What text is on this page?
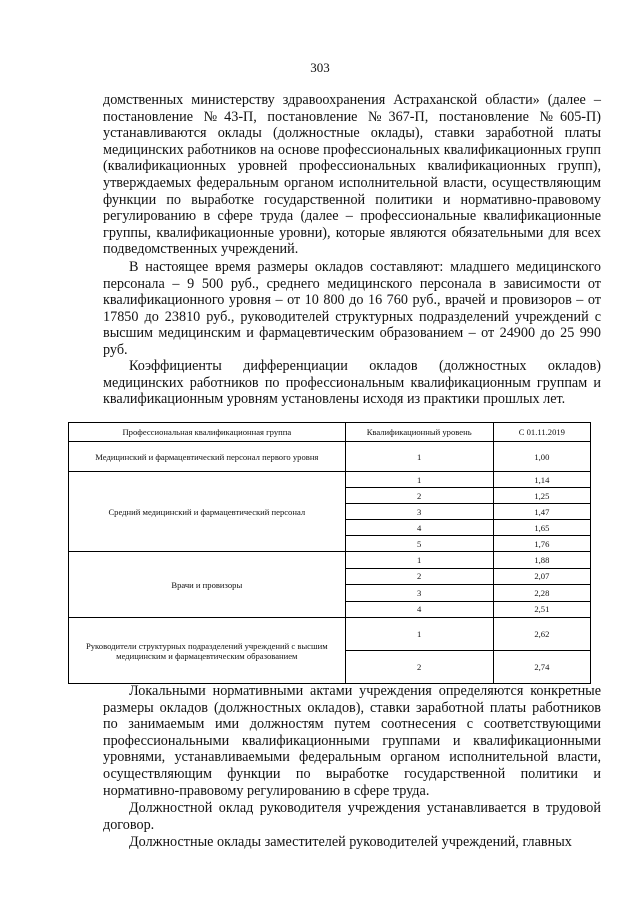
303

домственных министерству здравоохранения Астраханской области» (далее – постановление №43-П, постановление №367-П, постановление №605-П) устанавливаются оклады (должностные оклады), ставки заработной платы медицинских работников на основе профессиональных квалификационных групп (квалификационных уровней профессиональных квалификационных групп), утверждаемых федеральным органом исполнительной власти, осуществляющим функции по выработке государственной политики и нормативно-правовому регулированию в сфере труда (далее – профессиональные квалификационные группы, квалификационные уровни), которые являются обязательными для всех подведомственных учреждений.

В настоящее время размеры окладов составляют: младшего медицинского персонала – 9 500 руб., среднего медицинского персонала в зависимости от квалификационного уровня – от 10 800 до 16 760 руб., врачей и провизоров – от 17850 до 23810 руб., руководителей структурных подразделений учреждений с высшим медицинским и фармацевтическим образованием – от 24900 до 25 990 руб.

Коэффициенты дифференциации окладов (должностных окладов) медицинских работников по профессиональным квалификационным группам и квалификационным уровням установлены исходя из практики прошлых лет.

Профессиональная квалификационная группа	Квалификационный уровень	С 01.11.2019
Медицинский и фармацевтический персонал первого уровня	1	1,00
Средний медицинский и фармацевтический персонал	1	1,14
	2	1,25
	3	1,47
	4	1,65
	5	1,76
Врачи и провизоры	1	1,88
	2	2,07
	3	2,28
	4	2,51
Руководители структурных подразделений учреждений с высшим медицинским и фармацевтическим образованием	1	2,62
	2	2,74

Локальными нормативными актами учреждения определяются конкретные размеры окладов (должностных окладов), ставки заработной платы работников по занимаемым ими должностям путем соотнесения с соответствующими профессиональными квалификационными группами и квалификационными уровнями, устанавливаемыми федеральным органом исполнительной власти, осуществляющим функции по выработке государственной политики и нормативно-правовому регулированию в сфере труда.

Должностной оклад руководителя учреждения устанавливается в трудовой договор.

Должностные оклады заместителей руководителей учреждений, главных
